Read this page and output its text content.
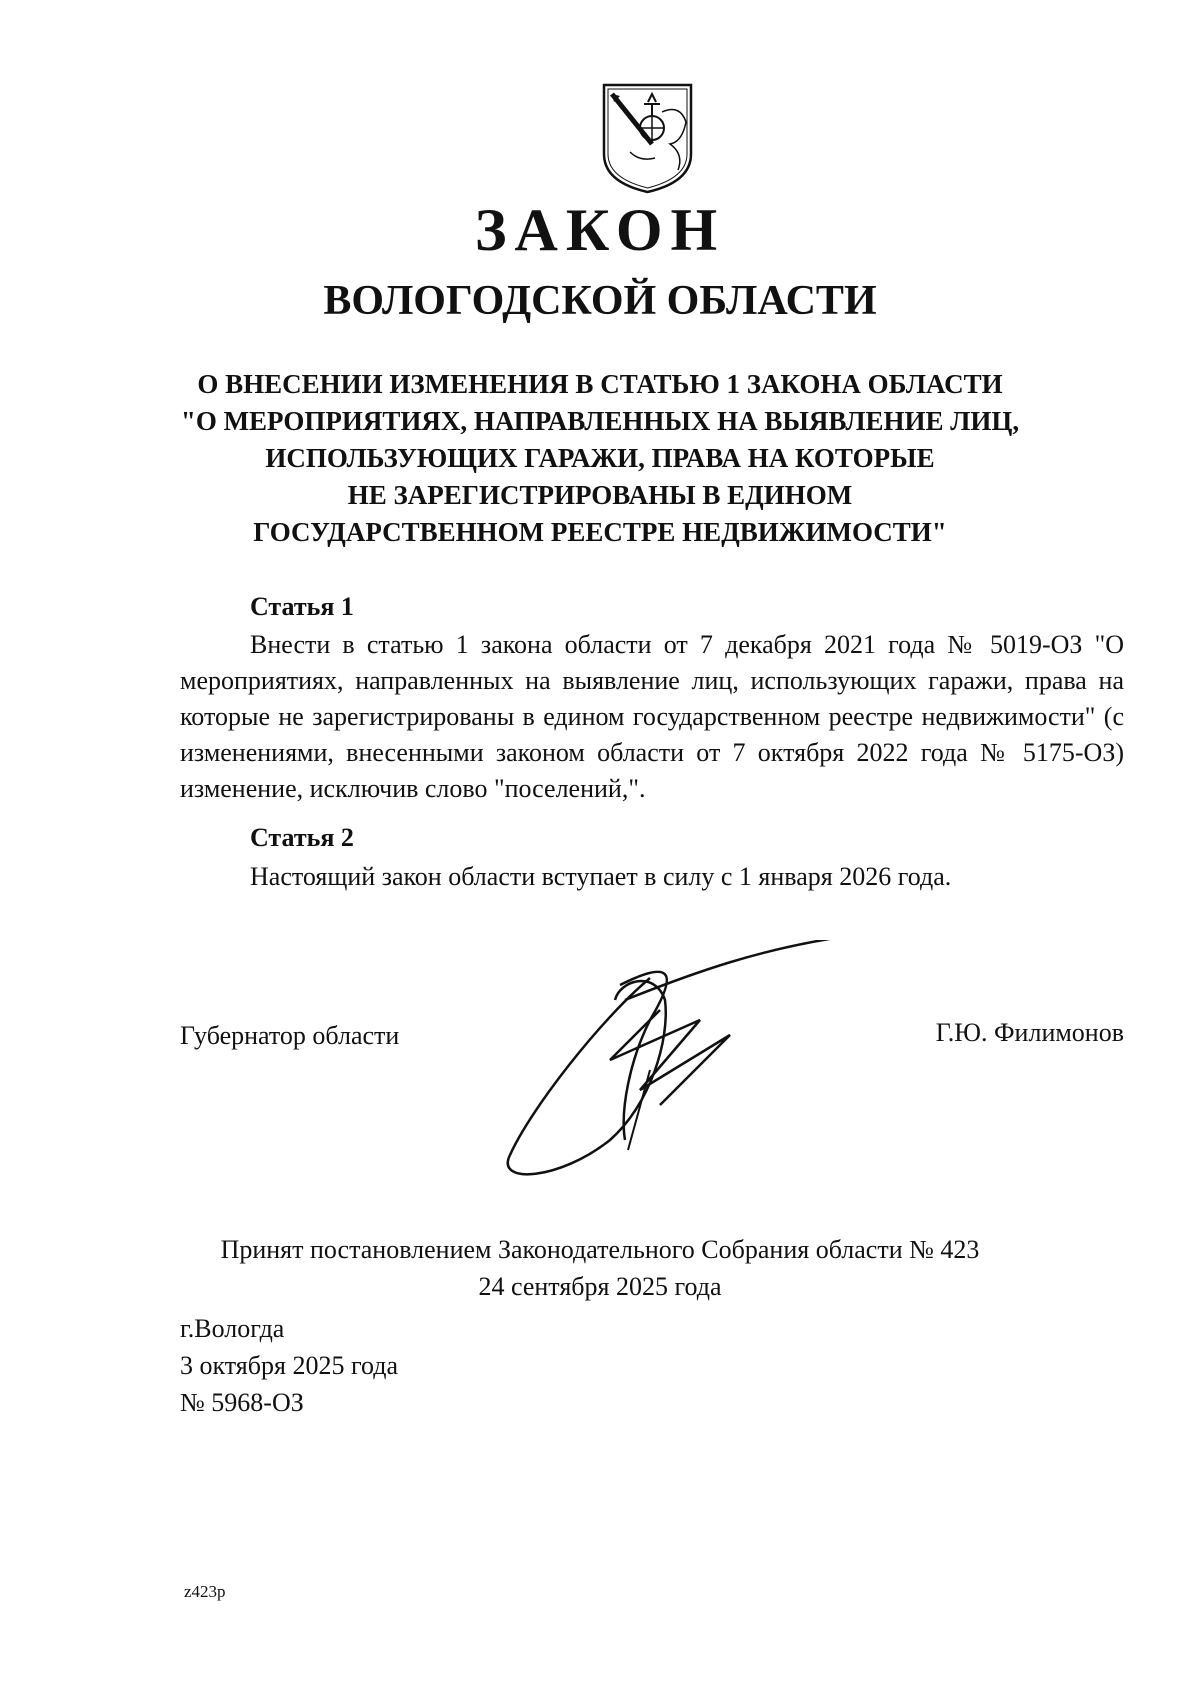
ЗАКОН
ВОЛОГОДСКОЙ ОБЛАСТИ
О ВНЕСЕНИИ ИЗМЕНЕНИЯ В СТАТЬЮ 1 ЗАКОНА ОБЛАСТИ
"О МЕРОПРИЯТИЯХ, НАПРАВЛЕННЫХ НА ВЫЯВЛЕНИЕ ЛИЦ,
ИСПОЛЬЗУЮЩИХ ГАРАЖИ, ПРАВА НА КОТОРЫЕ
НЕ ЗАРЕГИСТРИРОВАНЫ В ЕДИНОМ
ГОСУДАРСТВЕННОМ РЕЕСТРЕ НЕДВИЖИМОСТИ"
Статья 1
Внести в статью 1 закона области от 7 декабря 2021 года № 5019-ОЗ "О мероприятиях, направленных на выявление лиц, использующих гаражи, права на которые не зарегистрированы в едином государственном реестре недвижимости" (с изменениями, внесенными законом области от 7 октября 2022 года № 5175-ОЗ) изменение, исключив слово "поселений,".
Статья 2
Настоящий закон области вступает в силу с 1 января 2026 года.
Губернатор области	Г.Ю. Филимонов
Принят постановлением Законодательного Собрания области № 423
24 сентября 2025 года
г.Вологда
3 октября 2025 года
№ 5968-ОЗ
z423p
